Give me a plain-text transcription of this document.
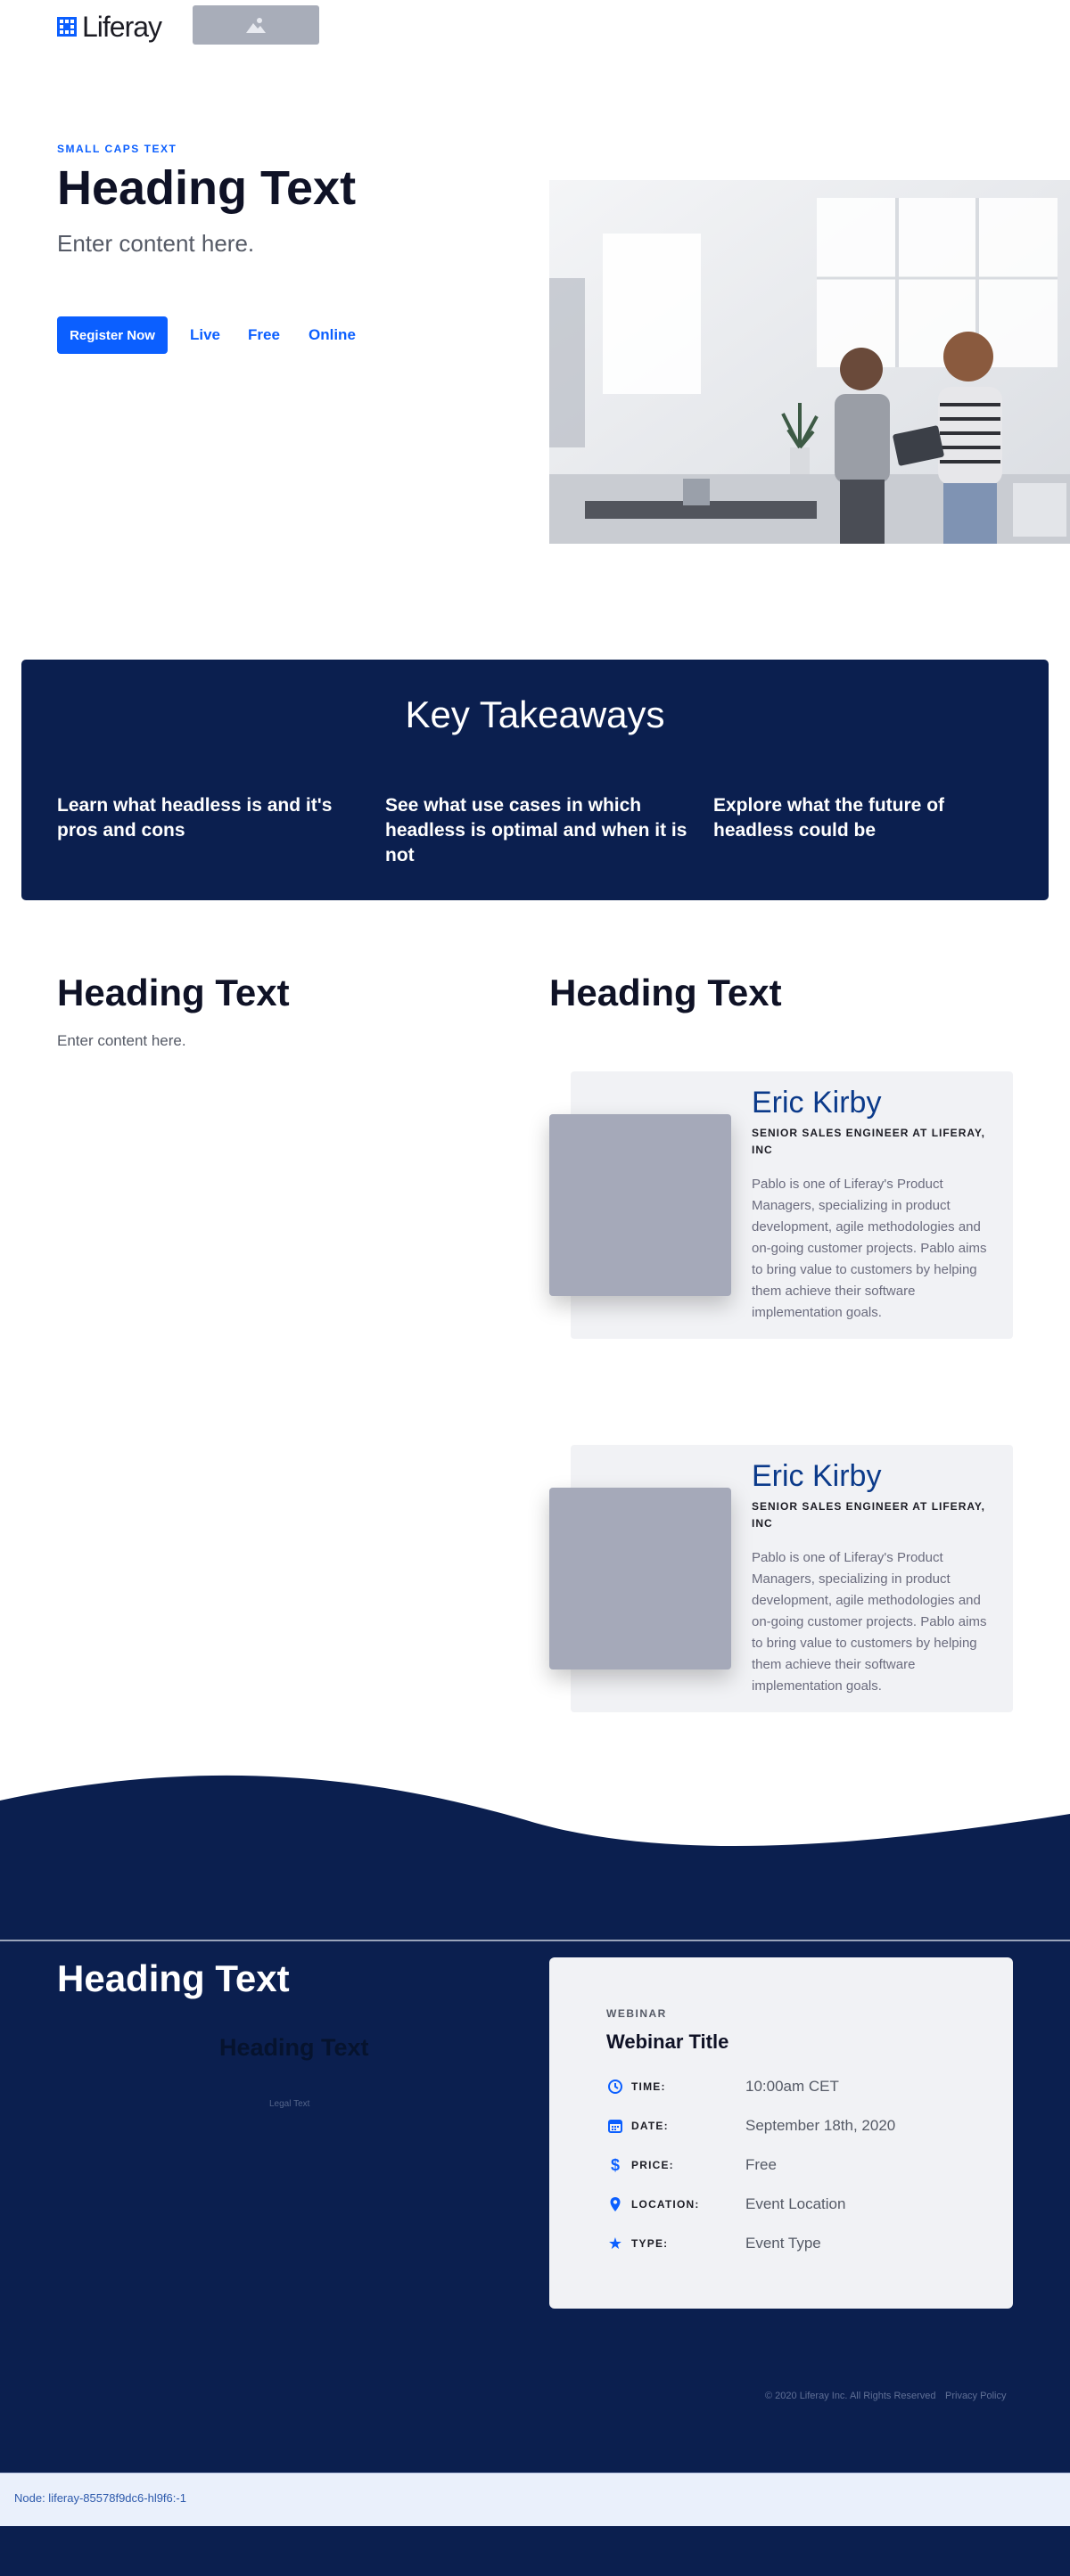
Liferay
SMALL CAPS TEXT
Heading Text
Enter content here.
Register Now	Live Free Online
Key Takeaways
Learn what headless is and it's pros and cons
See what use cases in which headless is optimal and when it is not
Explore what the future of headless could be
Heading Text
Enter content here.
Heading Text
Eric Kirby
SENIOR SALES ENGINEER AT LIFERAY, INC
Pablo is one of Liferay's Product Managers, specializing in product development, agile methodologies and on-going customer projects. Pablo aims to bring value to customers by helping them achieve their software implementation goals.
Eric Kirby
SENIOR SALES ENGINEER AT LIFERAY, INC
Pablo is one of Liferay's Product Managers, specializing in product development, agile methodologies and on-going customer projects. Pablo aims to bring value to customers by helping them achieve their software implementation goals.
Heading Text
Heading Text
Legal Text
WEBINAR
Webinar Title
TIME:	10:00am CET
DATE:	September 18th, 2020
$	PRICE:	Free
LOCATION:	Event Location
★ TYPE:	Event Type
© 2020 Liferay Inc. All Rights Reserved Privacy Policy
Node: liferay-85578f9dc6-hl9f6:-1
